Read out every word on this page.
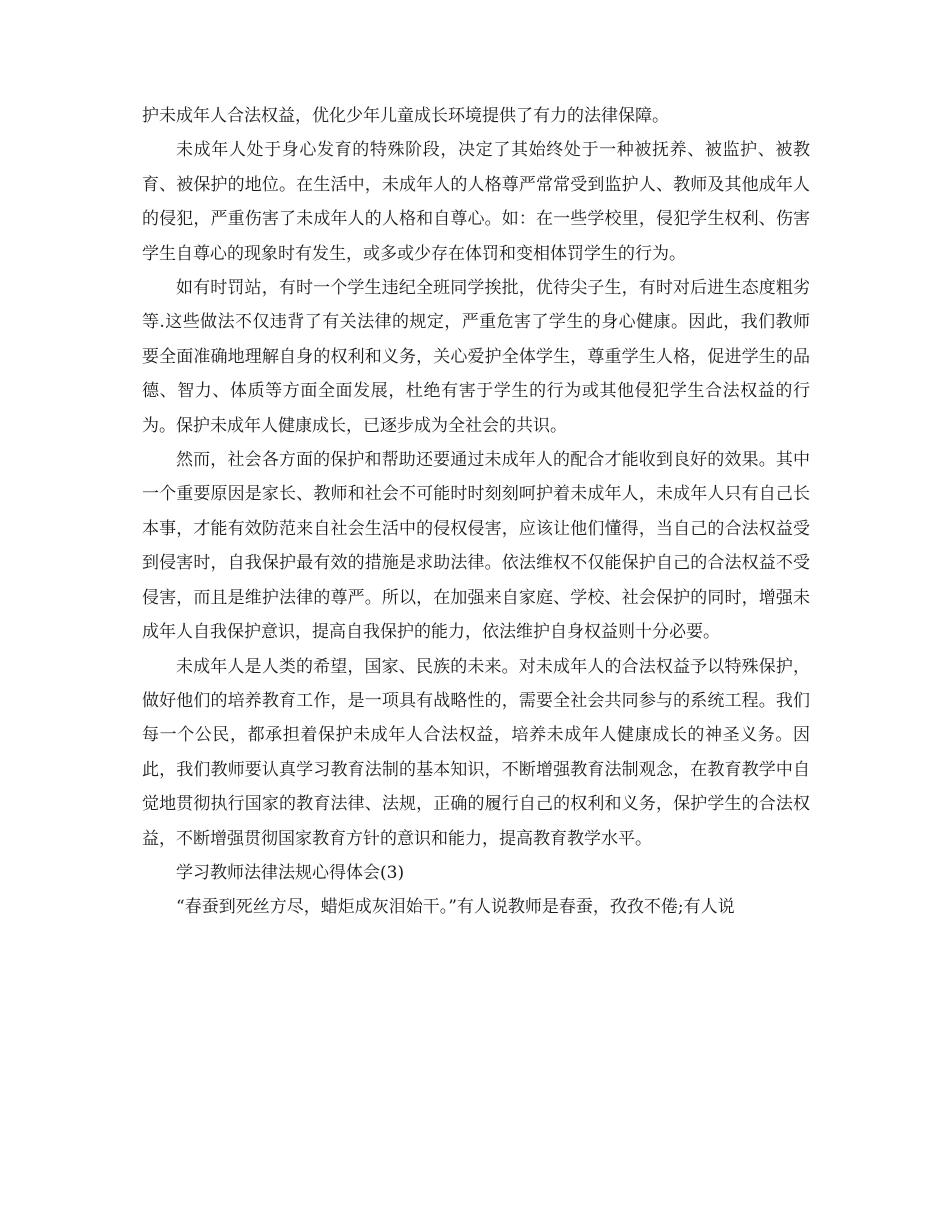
护未成年人合法权益，优化少年儿童成长环境提供了有力的法律保障。

未成年人处于身心发育的特殊阶段，决定了其始终处于一种被抚养、被监护、被教育、被保护的地位。在生活中，未成年人的人格尊严常常受到监护人、教师及其他成年人的侵犯，严重伤害了未成年人的人格和自尊心。如：在一些学校里，侵犯学生权利、伤害学生自尊心的现象时有发生，或多或少存在体罚和变相体罚学生的行为。

如有时罚站，有时一个学生违纪全班同学挨批，优待尖子生，有时对后进生态度粗劣等.这些做法不仅违背了有关法律的规定，严重危害了学生的身心健康。因此，我们教师要全面准确地理解自身的权利和义务，关心爱护全体学生，尊重学生人格，促进学生的品德、智力、体质等方面全面发展，杜绝有害于学生的行为或其他侵犯学生合法权益的行为。保护未成年人健康成长，已逐步成为全社会的共识。

然而，社会各方面的保护和帮助还要通过未成年人的配合才能收到良好的效果。其中一个重要原因是家长、教师和社会不可能时时刻刻呵护着未成年人，未成年人只有自己长本事，才能有效防范来自社会生活中的侵权侵害，应该让他们懂得，当自己的合法权益受到侵害时，自我保护最有效的措施是求助法律。依法维权不仅能保护自己的合法权益不受侵害，而且是维护法律的尊严。所以，在加强来自家庭、学校、社会保护的同时，增强未成年人自我保护意识，提高自我保护的能力，依法维护自身权益则十分必要。

未成年人是人类的希望，国家、民族的未来。对未成年人的合法权益予以特殊保护，做好他们的培养教育工作，是一项具有战略性的，需要全社会共同参与的系统工程。我们每一个公民，都承担着保护未成年人合法权益，培养未成年人健康成长的神圣义务。因此，我们教师要认真学习教育法制的基本知识，不断增强教育法制观念，在教育教学中自觉地贯彻执行国家的教育法律、法规，正确的履行自己的权利和义务，保护学生的合法权益，不断增强贯彻国家教育方针的意识和能力，提高教育教学水平。

学习教师法律法规心得体会(3)

“春蚕到死丝方尽，蜡炬成灰泪始干。”有人说教师是春蚕，孜孜不倦;有人说
